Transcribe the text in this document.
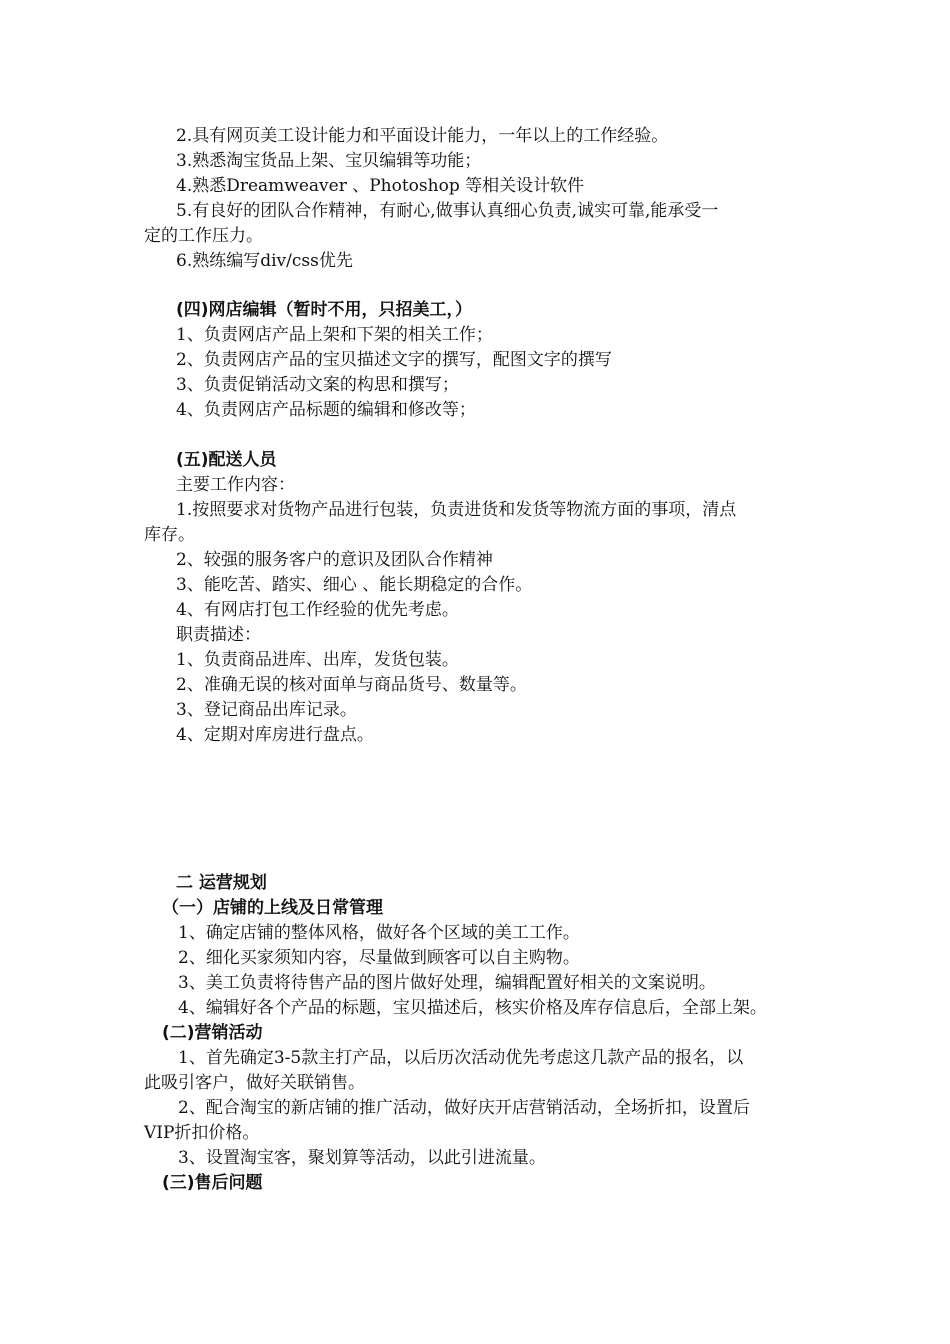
2.具有网页美工设计能力和平面设计能力，一年以上的工作经验。
3.熟悉淘宝货品上架、宝贝编辑等功能；
4.熟悉Dreamweaver 、Photoshop 等相关设计软件
5.有良好的团队合作精神，有耐心,做事认真细心负责,诚实可靠,能承受一
定的工作压力。
6.熟练编写div/css优先
(四)网店编辑（暂时不用，只招美工，）
1、负责网店产品上架和下架的相关工作；
2、负责网店产品的宝贝描述文字的撰写，配图文字的撰写
3、负责促销活动文案的构思和撰写；
4、负责网店产品标题的编辑和修改等；
(五)配送人员
主要工作内容：
1.按照要求对货物产品进行包装，负责进货和发货等物流方面的事项，清点
库存。
2、较强的服务客户的意识及团队合作精神
3、能吃苦、踏实、细心 、能长期稳定的合作。
4、有网店打包工作经验的优先考虑。
职责描述：
1、负责商品进库、出库，发货包装。
2、准确无误的核对面单与商品货号、数量等。
3、登记商品出库记录。
4、定期对库房进行盘点。
二 运营规划
（一）店铺的上线及日常管理
1、确定店铺的整体风格，做好各个区域的美工工作。
2、细化买家须知内容，尽量做到顾客可以自主购物。
3、美工负责将待售产品的图片做好处理，编辑配置好相关的文案说明。
4、编辑好各个产品的标题，宝贝描述后，核实价格及库存信息后，全部上架。
(二)营销活动
1、首先确定3-5款主打产品，以后历次活动优先考虑这几款产品的报名，以
此吸引客户，做好关联销售。
2、配合淘宝的新店铺的推广活动，做好庆开店营销活动，全场折扣，设置后
VIP折扣价格。
3、设置淘宝客，聚划算等活动，以此引进流量。
(三)售后问题
